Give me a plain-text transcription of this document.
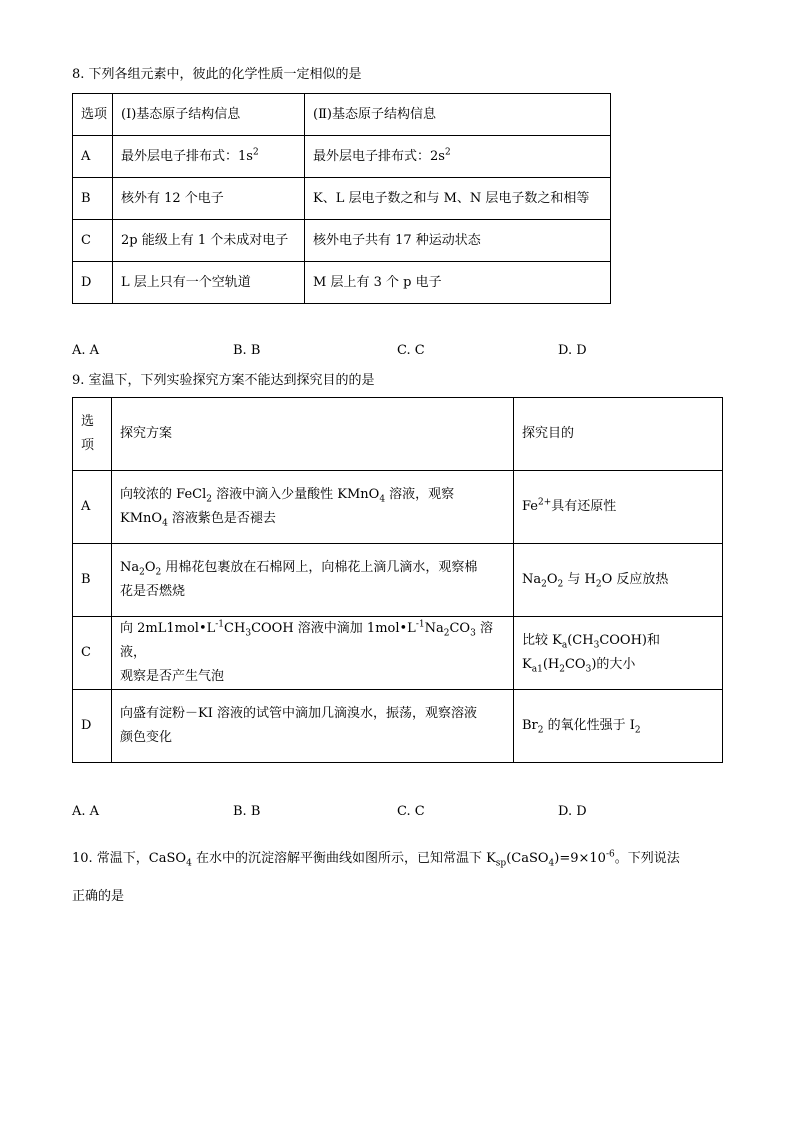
8. 下列各组元素中，彼此的化学性质一定相似的是
选项	(Ⅰ)基态原子结构信息	(Ⅱ)基态原子结构信息
A	最外层电子排布式：$1s^2$	最外层电子排布式：$2s^2$
B	核外有 12 个电子	K、L 层电子数之和与 M、N 层电子数之和相等
C	2p 能级上有 1 个未成对电子	核外电子共有 17 种运动状态
D	L 层上只有一个空轨道	M 层上有 3 个 p 电子
A. A	B. B	C. C	D. D
9. 室温下，下列实验探究方案不能达到探究目的的是
选
项	探究方案	探究目的
A	向较浓的 FeCl$_2$ 溶液中滴入少量酸性 KMnO$_4$ 溶液，观察
KMnO$_4$ 溶液紫色是否褪去	$Fe^{2+}$具有还原性
B	$Na_2O_2$ 用棉花包裹放在石棉网上，向棉花上滴几滴水，观察棉
花是否燃烧	$Na_2O_2$ 与 $H_2O$ 反应放热
C	向 $2mL1mol•L^{-1}CH_3COOH$ 溶液中滴加 $1mol•L^{-1}Na_2CO_3$ 溶液，
观察是否产生气泡	比较 $K_a(CH_3COOH)$和
$K_{a1}(H_2CO_3)$的大小
D	向盛有淀粉－KI 溶液的试管中滴加几滴溴水，振荡，观察溶液
颜色变化	$Br_2$ 的氧化性强于 $I_2$
A. A	B. B	C. C	D. D
10. 常温下，CaSO$_4$ 在水中的沉淀溶解平衡曲线如图所示，已知常温下 $K_{sp}(CaSO_4)=9\times 10^{-6}$。下列说法
正确的是
